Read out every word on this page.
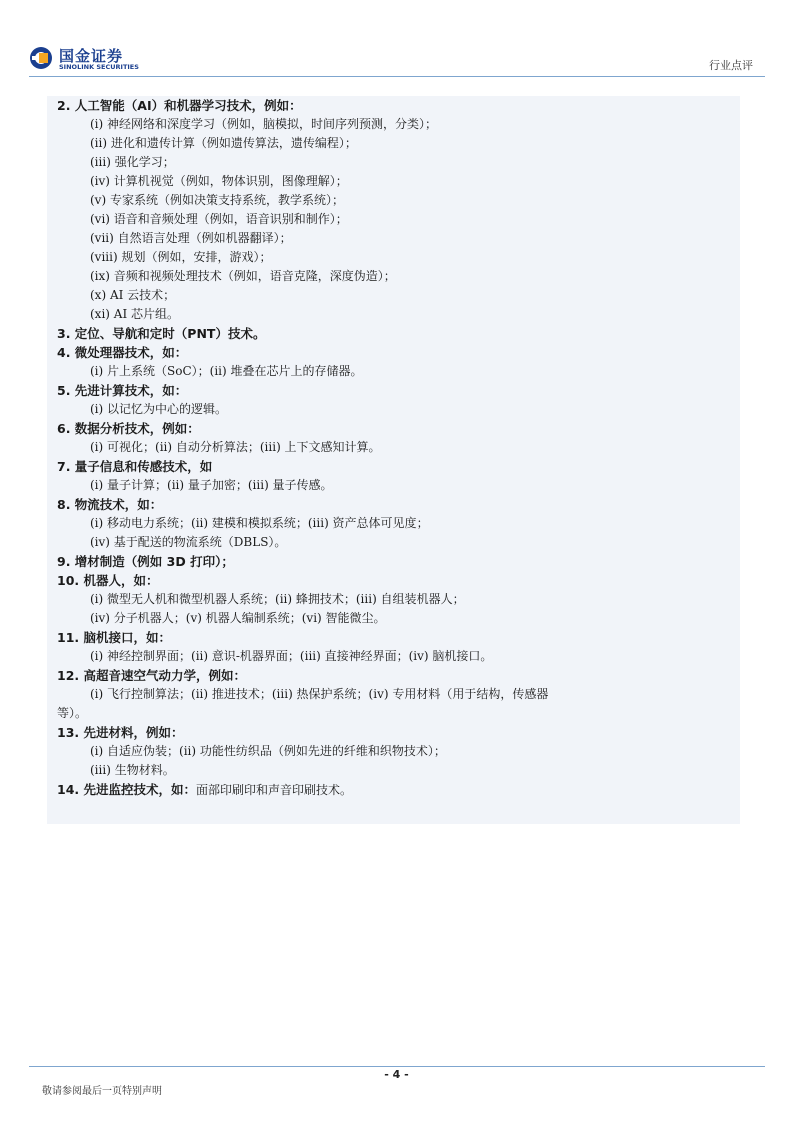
国金证券
SINOLINK SECURITIES	行业点评
2. 人工智能（AI）和机器学习技术，例如：
(i) 神经网络和深度学习（例如，脑模拟，时间序列预测，分类）；
(ii) 进化和遗传计算（例如遗传算法，遗传编程）；
(iii) 强化学习；
(iv) 计算机视觉（例如，物体识别，图像理解）；
(v) 专家系统（例如决策支持系统，教学系统）；
(vi) 语音和音频处理（例如，语音识别和制作）；
(vii) 自然语言处理（例如机器翻译）；
(viii) 规划（例如，安排，游戏）；
(ix) 音频和视频处理技术（例如，语音克隆，深度伪造）；
(x) AI 云技术；
(xi) AI 芯片组。
3. 定位、导航和定时（PNT）技术。
4. 微处理器技术，如：
(i) 片上系统（SoC）；(ii) 堆叠在芯片上的存储器。
5. 先进计算技术，如：
(i) 以记忆为中心的逻辑。
6. 数据分析技术，例如：
(i) 可视化；(ii) 自动分析算法；(iii) 上下文感知计算。
7. 量子信息和传感技术，如
(i) 量子计算；(ii) 量子加密；(iii) 量子传感。
8. 物流技术，如：
(i) 移动电力系统；(ii) 建模和模拟系统；(iii) 资产总体可见度；
(iv) 基于配送的物流系统（DBLS）。
9. 增材制造（例如 3D 打印）；
10. 机器人，如：
(i) 微型无人机和微型机器人系统；(ii) 蜂拥技术；(iii) 自组装机器人；
(iv) 分子机器人；(v) 机器人编制系统；(vi) 智能微尘。
11. 脑机接口，如：
(i) 神经控制界面；(ii) 意识-机器界面；(iii) 直接神经界面；(iv) 脑机接口。
12. 高超音速空气动力学，例如：
(i) 飞行控制算法；(ii) 推进技术；(iii) 热保护系统；(iv) 专用材料（用于结构，传感器
等）。
13. 先进材料，例如：
(i) 自适应伪装；(ii) 功能性纺织品（例如先进的纤维和织物技术）；
(iii) 生物材料。
14. 先进监控技术，如：面部印刷印和声音印刷技术。
- 4 -
敬请参阅最后一页特别声明
